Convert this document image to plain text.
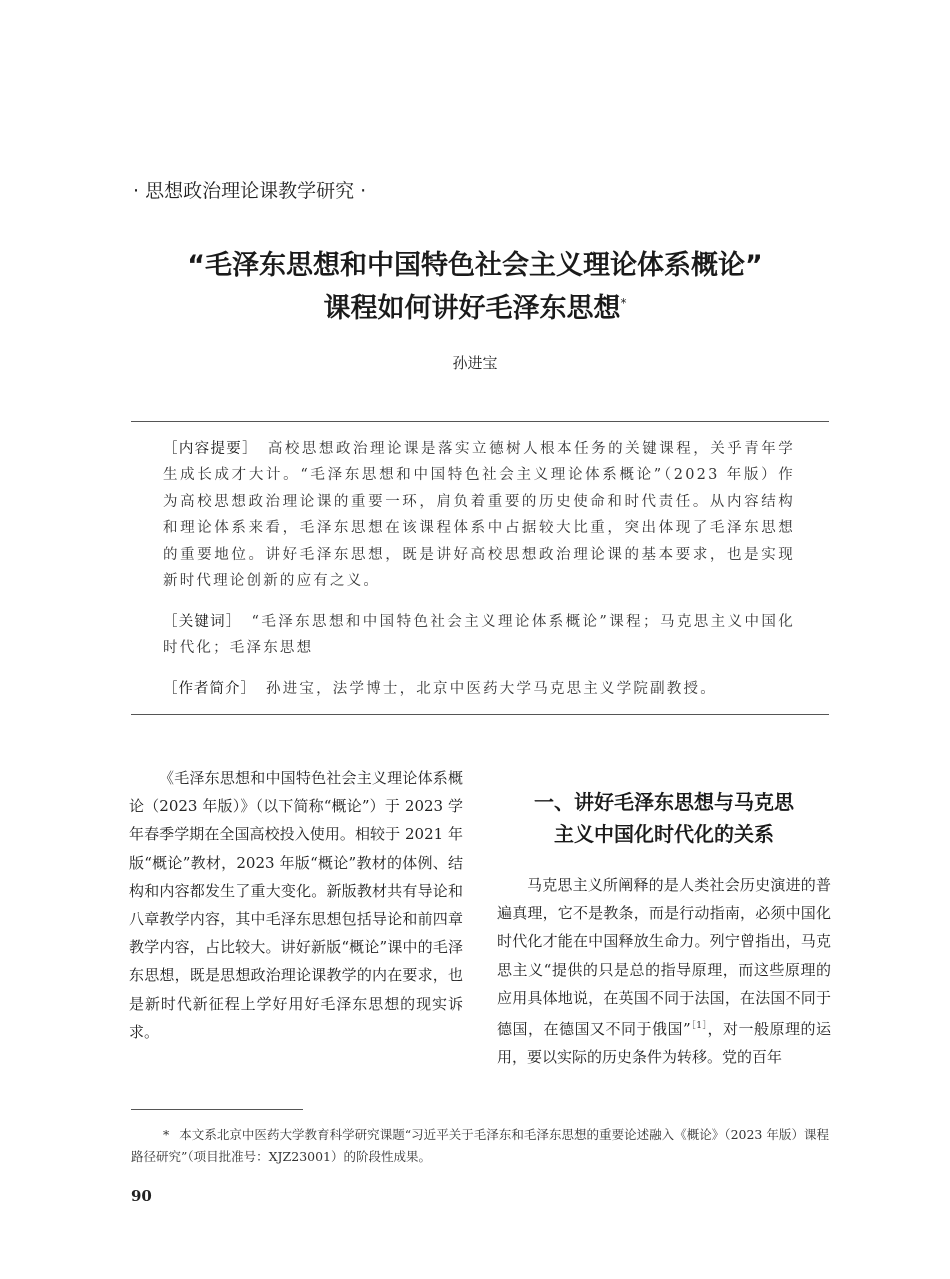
· 思想政治理论课教学研究 ·
“毛泽东思想和中国特色社会主义理论体系概论”
课程如何讲好毛泽东思想*
孙进宝
［内容提要］ 高校思想政治理论课是落实立德树人根本任务的关键课程，关乎青年学生成长成才大计。“毛泽东思想和中国特色社会主义理论体系概论”（2023 年版）作为高校思想政治理论课的重要一环，肩负着重要的历史使命和时代责任。从内容结构和理论体系来看，毛泽东思想在该课程体系中占据较大比重，突出体现了毛泽东思想的重要地位。讲好毛泽东思想，既是讲好高校思想政治理论课的基本要求，也是实现新时代理论创新的应有之义。
［关键词］ “毛泽东思想和中国特色社会主义理论体系概论”课程；马克思主义中国化时代化；毛泽东思想
［作者简介］ 孙进宝，法学博士，北京中医药大学马克思主义学院副教授。

《毛泽东思想和中国特色社会主义理论体系概论（2023 年版）》（以下简称“概论”）于 2023 学年春季学期在全国高校投入使用。相较于 2021 年版“概论”教材，2023 年版“概论”教材的体例、结构和内容都发生了重大变化。新版教材共有导论和八章教学内容，其中毛泽东思想包括导论和前四章教学内容，占比较大。讲好新版“概论”课中的毛泽东思想，既是思想政治理论课教学的内在要求，也是新时代新征程上学好用好毛泽东思想的现实诉求。

一、讲好毛泽东思想与马克思
主义中国化时代化的关系

马克思主义所阐释的是人类社会历史演进的普遍真理，它不是教条，而是行动指南，必须中国化时代化才能在中国释放生命力。列宁曾指出，马克思主义“提供的只是总的指导原理，而这些原理的应用具体地说，在英国不同于法国，在法国不同于德国，在德国又不同于俄国”$^{[1]}$，对一般原理的运用，要以实际的历史条件为转移。党的百年

* 本文系北京中医药大学教育科学研究课题“习近平关于毛泽东和毛泽东思想的重要论述融入《概论》（2023 年版）课程路径研究”（项目批准号：XJZ23001）的阶段性成果。
90
